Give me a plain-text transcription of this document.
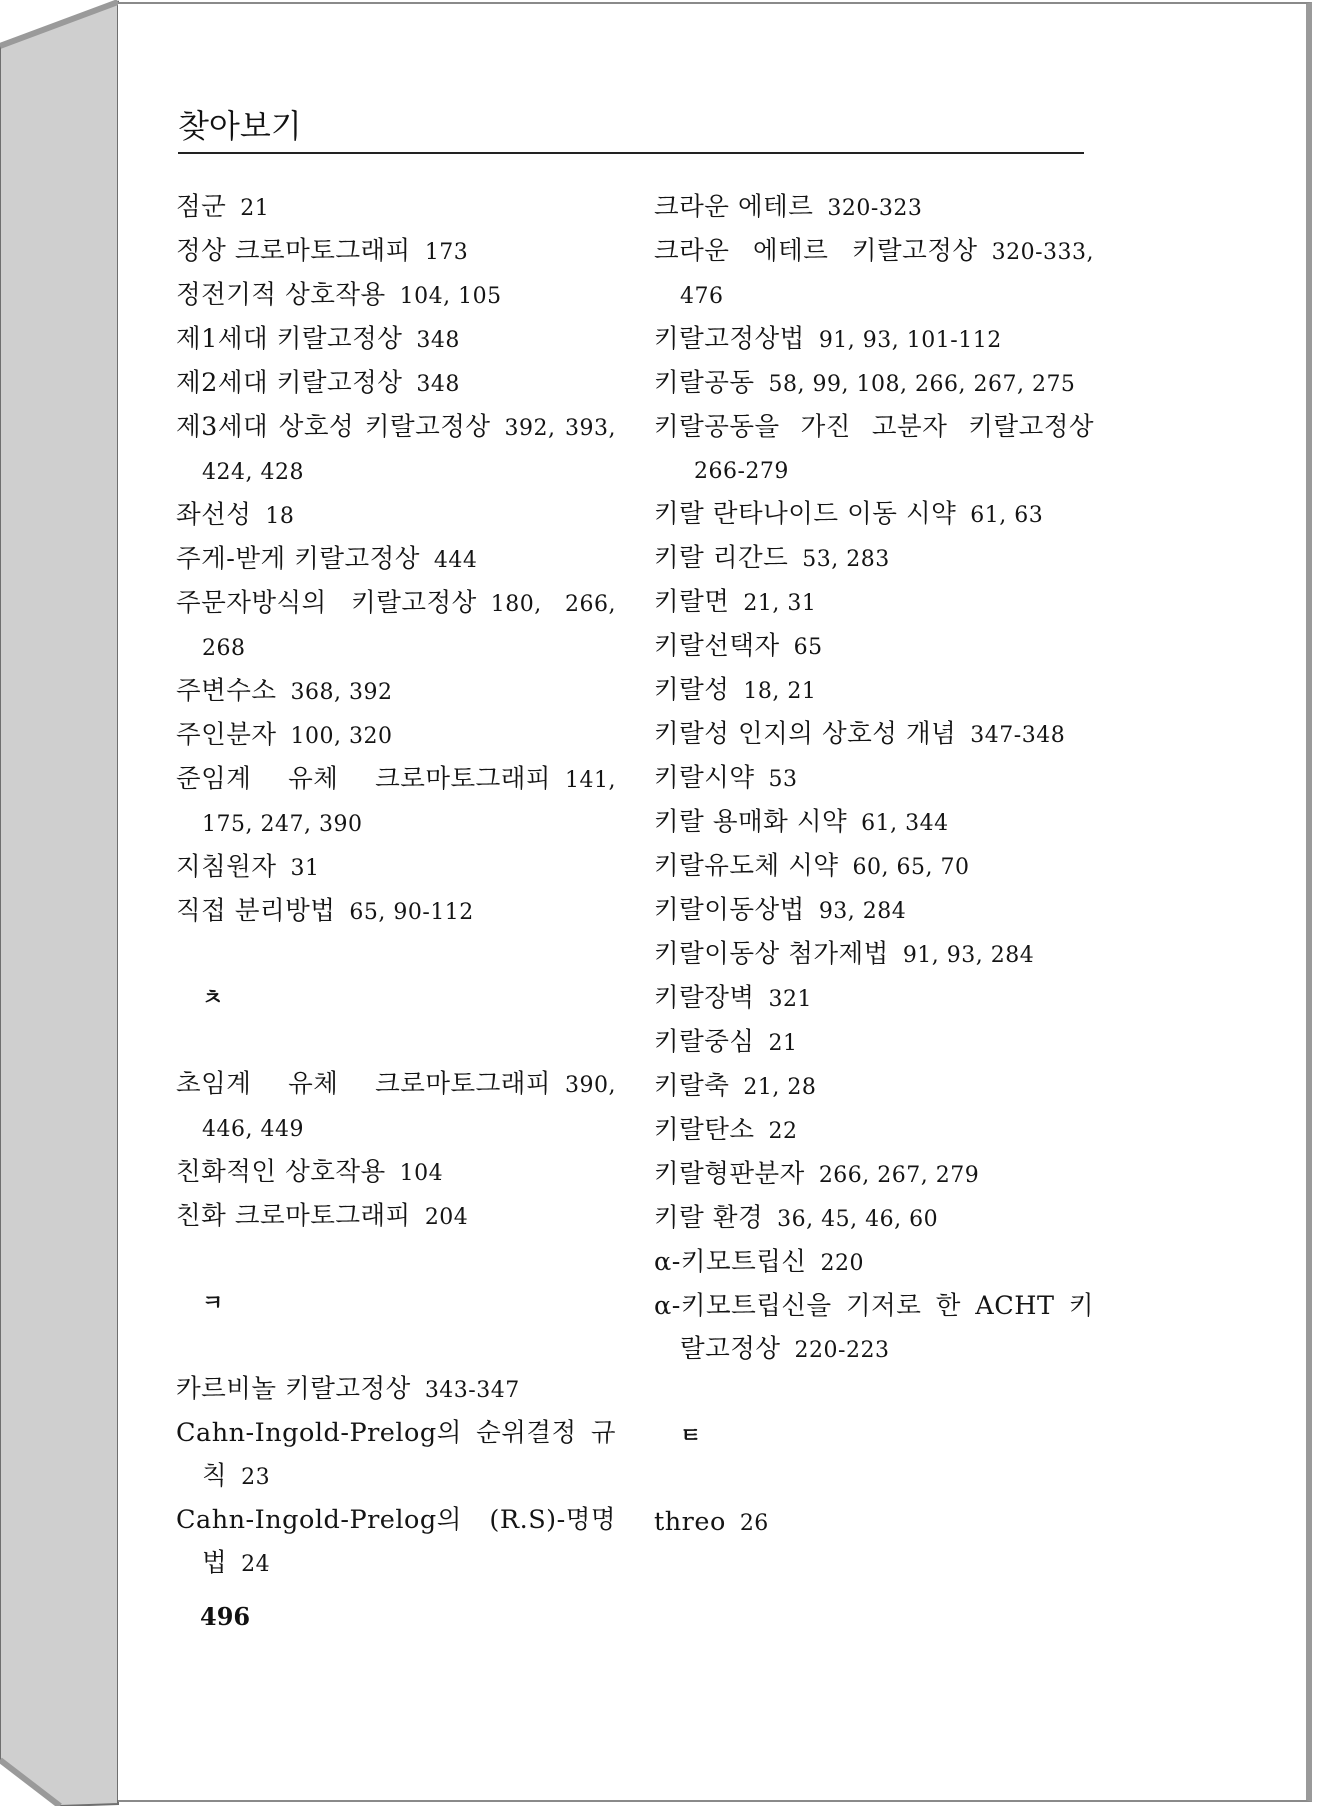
찾아보기
점군 21
정상 크로마토그래피 173
정전기적 상호작용 104, 105
제1세대 키랄고정상 348
제2세대 키랄고정상 348
제3세대 상호성 키랄고정상 392, 393, 424, 428
좌선성 18
주게-받게 키랄고정상 444
주문자방식의 키랄고정상 180, 266, 268
주변수소 368, 392
주인분자 100, 320
준임계 유체 크로마토그래피 141, 175, 247, 390
지침원자 31
직접 분리방법 65, 90-112
ㅊ
초임계 유체 크로마토그래피 390, 446, 449
친화적인 상호작용 104
친화 크로마토그래피 204
ㅋ
카르비놀 키랄고정상 343-347
Cahn-Ingold-Prelog의 순위결정 규칙 23
Cahn-Ingold-Prelog의 (R.S)-명명법 24
크라운 에테르 320-323
크라운 에테르 키랄고정상 320-333, 476
키랄고정상법 91, 93, 101-112
키랄공동 58, 99, 108, 266, 267, 275
키랄공동을 가진 고분자 키랄고정상266-279
키랄 란타나이드 이동 시약 61, 63
키랄 리간드 53, 283
키랄면 21, 31
키랄선택자 65
키랄성 18, 21
키랄성 인지의 상호성 개념 347-348
키랄시약 53
키랄 용매화 시약 61, 344
키랄유도체 시약 60, 65, 70
키랄이동상법 93, 284
키랄이동상 첨가제법 91, 93, 284
키랄장벽 321
키랄중심 21
키랄축 21, 28
키랄탄소 22
키랄형판분자 266, 267, 279
키랄 환경 36, 45, 46, 60
α-키모트립신 220
α-키모트립신을 기저로 한 ACHT 키랄고정상 220-223
ㅌ
threo 26
496
